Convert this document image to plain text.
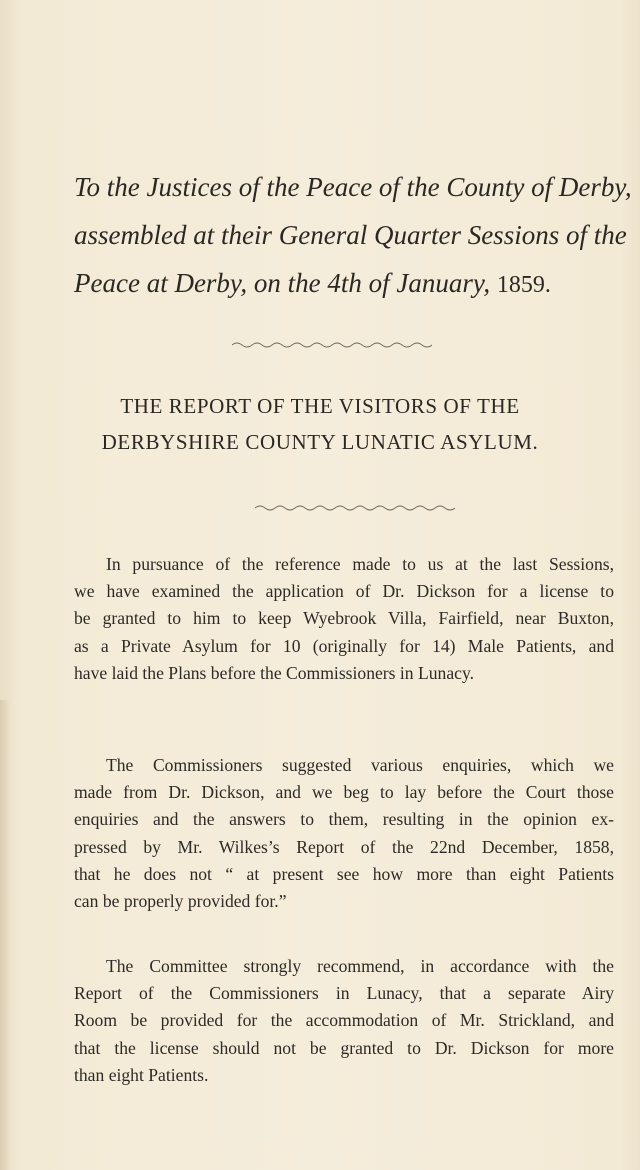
To the Justices of the Peace of the County of Derby,
assembled at their General Quarter Sessions of the
Peace at Derby, on the 4th of January, 1859.
THE REPORT OF THE VISITORS OF THE
DERBYSHIRE COUNTY LUNATIC ASYLUM.
In pursuance of the reference made to us at the last Sessions,
we have examined the application of Dr. Dickson for a license to
be granted to him to keep Wyebrook Villa, Fairfield, near Buxton,
as a Private Asylum for 10 (originally for 14) Male Patients, and
have laid the Plans before the Commissioners in Lunacy.
The Commissioners suggested various enquiries, which we
made from Dr. Dickson, and we beg to lay before the Court those
enquiries and the answers to them, resulting in the opinion ex-
pressed by Mr. Wilkes’s Report of the 22nd December, 1858,
that he does not “ at present see how more than eight Patients
can be properly provided for.”
The Committee strongly recommend, in accordance with the
Report of the Commissioners in Lunacy, that a separate Airy
Room be provided for the accommodation of Mr. Strickland, and
that the license should not be granted to Dr. Dickson for more
than eight Patients.
